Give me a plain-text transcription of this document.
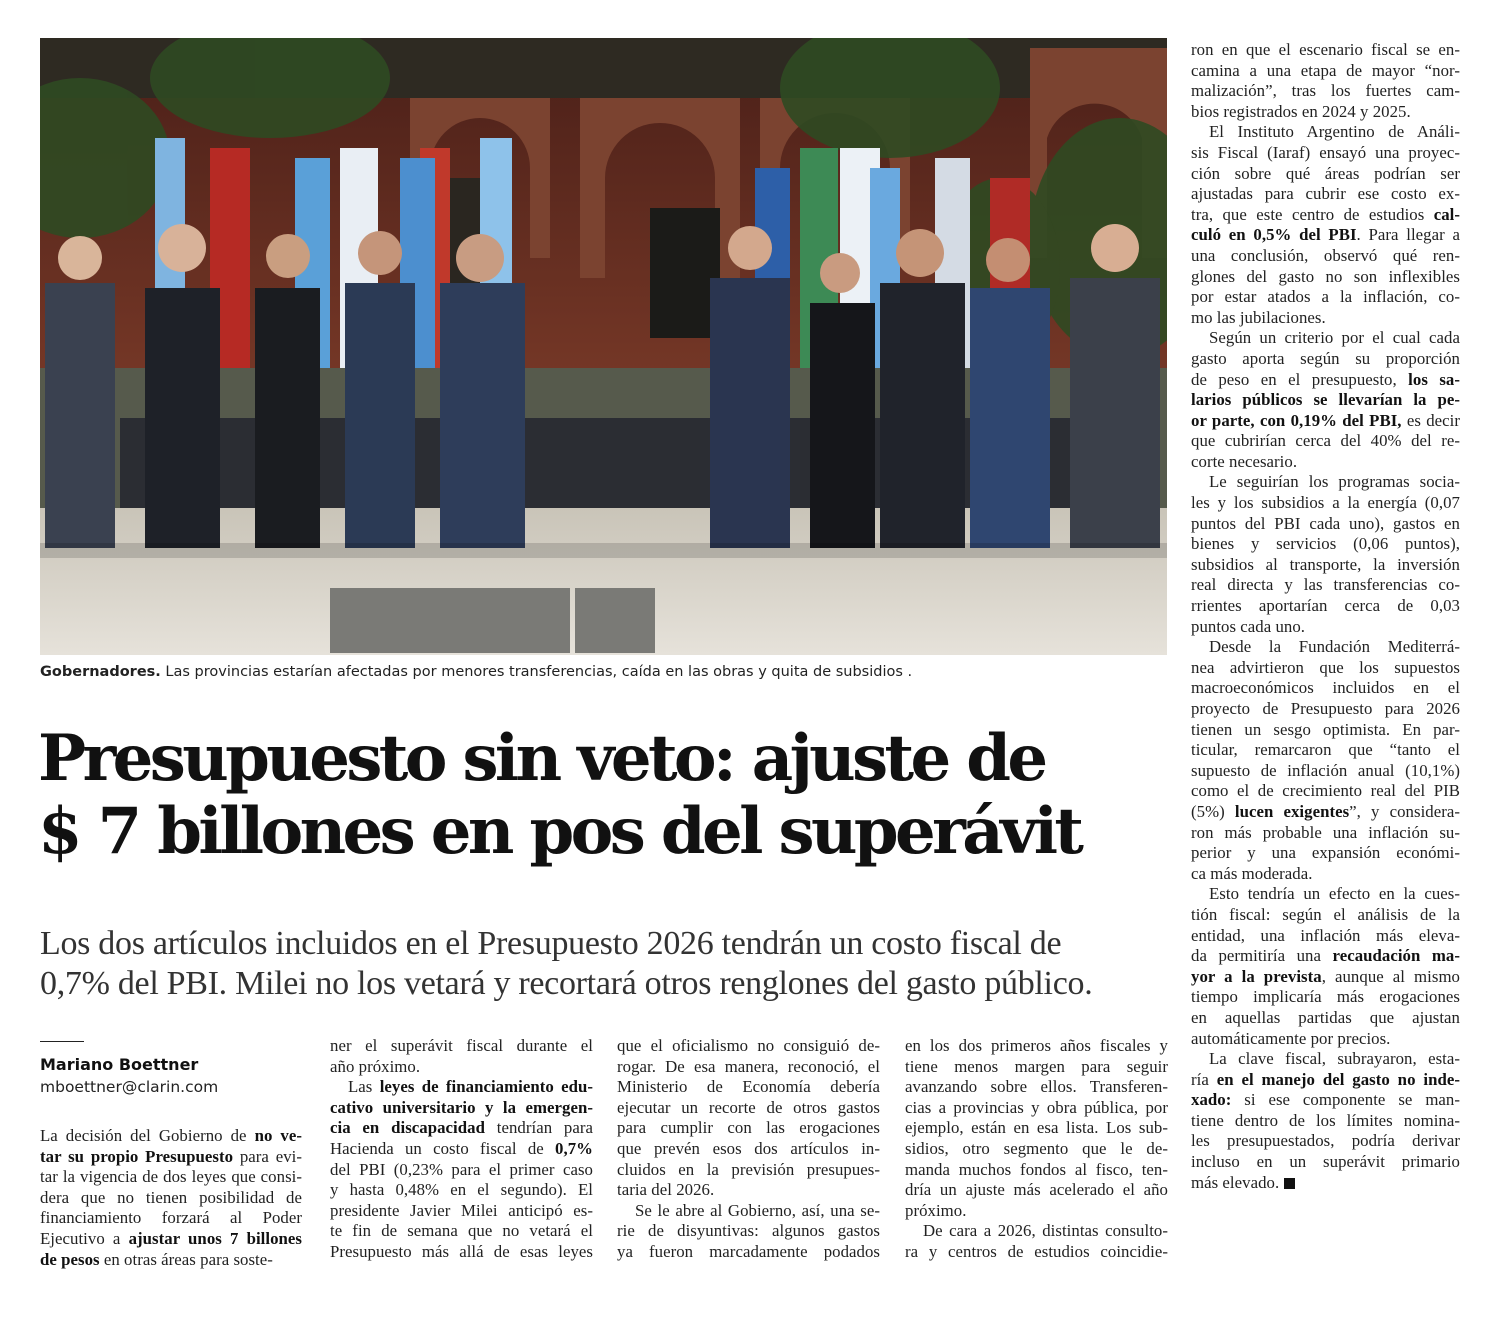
Gobernadores. Las provincias estarían afectadas por menores transferencias, caída en las obras y quita de subsidios .
Presupuesto sin veto: ajuste de
$ 7 billones en pos del superávit
Los dos artículos incluidos en el Presupuesto 2026 tendrán un costo fiscal de
0,7% del PBI. Milei no los vetará y recortará otros renglones del gasto público.
Mariano Boettner
mboettner@clarin.com
La decisión del Gobierno de no ve-
tar su propio Presupuesto para evi-
tar la vigencia de dos leyes que consi-
dera que no tienen posibilidad de
financiamiento forzará al Poder
Ejecutivo a ajustar unos 7 billones
de pesos en otras áreas para soste-
ner el superávit fiscal durante el
año próximo.
Las leyes de financiamiento edu-
cativo universitario y la emergen-
cia en discapacidad tendrían para
Hacienda un costo fiscal de 0,7%
del PBI (0,23% para el primer caso
y hasta 0,48% en el segundo). El
presidente Javier Milei anticipó es-
te fin de semana que no vetará el
Presupuesto más allá de esas leyes
que el oficialismo no consiguió de-
rogar. De esa manera, reconoció, el
Ministerio de Economía debería
ejecutar un recorte de otros gastos
para cumplir con las erogaciones
que prevén esos dos artículos in-
cluidos en la previsión presupues-
taria del 2026.
Se le abre al Gobierno, así, una se-
rie de disyuntivas: algunos gastos
ya fueron marcadamente podados
en los dos primeros años fiscales y
tiene menos margen para seguir
avanzando sobre ellos. Transferen-
cias a provincias y obra pública, por
ejemplo, están en esa lista. Los sub-
sidios, otro segmento que le de-
manda muchos fondos al fisco, ten-
dría un ajuste más acelerado el año
próximo.
De cara a 2026, distintas consulto-
ra y centros de estudios coincidie-
ron en que el escenario fiscal se en-
camina a una etapa de mayor “nor-
malización”, tras los fuertes cam-
bios registrados en 2024 y 2025.
El Instituto Argentino de Análi-
sis Fiscal (Iaraf) ensayó una proyec-
ción sobre qué áreas podrían ser
ajustadas para cubrir ese costo ex-
tra, que este centro de estudios cal-
culó en 0,5% del PBI. Para llegar a
una conclusión, observó qué ren-
glones del gasto no son inflexibles
por estar atados a la inflación, co-
mo las jubilaciones.
Según un criterio por el cual cada
gasto aporta según su proporción
de peso en el presupuesto, los sa-
larios públicos se llevarían la pe-
or parte, con 0,19% del PBI, es decir
que cubrirían cerca del 40% del re-
corte necesario.
Le seguirían los programas socia-
les y los subsidios a la energía (0,07
puntos del PBI cada uno), gastos en
bienes y servicios (0,06 puntos),
subsidios al transporte, la inversión
real directa y las transferencias co-
rrientes aportarían cerca de 0,03
puntos cada uno.
Desde la Fundación Mediterrá-
nea advirtieron que los supuestos
macroeconómicos incluidos en el
proyecto de Presupuesto para 2026
tienen un sesgo optimista. En par-
ticular, remarcaron que “tanto el
supuesto de inflación anual (10,1%)
como el de crecimiento real del PIB
(5%) lucen exigentes”, y considera-
ron más probable una inflación su-
perior y una expansión económi-
ca más moderada.
Esto tendría un efecto en la cues-
tión fiscal: según el análisis de la
entidad, una inflación más eleva-
da permitiría una recaudación ma-
yor a la prevista, aunque al mismo
tiempo implicaría más erogaciones
en aquellas partidas que ajustan
automáticamente por precios.
La clave fiscal, subrayaron, esta-
ría en el manejo del gasto no inde-
xado: si ese componente se man-
tiene dentro de los límites nomina-
les presupuestados, podría derivar
incluso en un superávit primario
más elevado.
